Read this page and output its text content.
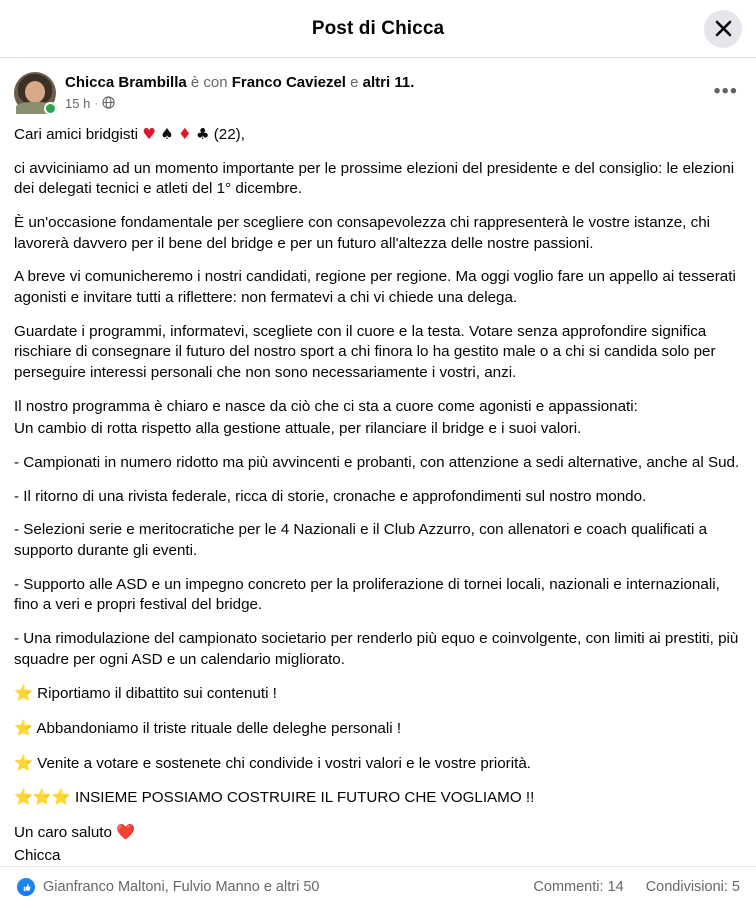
Post di Chicca
Chicca Brambilla è con Franco Caviezel e altri 11.
15 h ·
•••

Cari amici bridgisti ♥ ♠ ♦ ♣ (22),

ci avviciniamo ad un momento importante per le prossime elezioni del presidente e del consiglio: le elezioni dei delegati tecnici e atleti del 1° dicembre.

È un'occasione fondamentale per scegliere con consapevolezza chi rappresenterà le vostre istanze, chi lavorerà davvero per il bene del bridge e per un futuro all'altezza delle nostre passioni.

A breve vi comunicheremo i nostri candidati, regione per regione. Ma oggi voglio fare un appello ai tesserati agonisti e invitare tutti a riflettere: non fermatevi a chi vi chiede una delega.

Guardate i programmi, informatevi, scegliete con il cuore e la testa. Votare senza approfondire significa rischiare di consegnare il futuro del nostro sport a chi finora lo ha gestito male o a chi si candida solo per perseguire interessi personali che non sono necessariamente i vostri, anzi.

Il nostro programma è chiaro e nasce da ciò che ci sta a cuore come agonisti e appassionati:

Un cambio di rotta rispetto alla gestione attuale, per rilanciare il bridge e i suoi valori.

- Campionati in numero ridotto ma più avvincenti e probanti, con attenzione a sedi alternative, anche al Sud.

- Il ritorno di una rivista federale, ricca di storie, cronache e approfondimenti sul nostro mondo.

- Selezioni serie e meritocratiche per le 4 Nazionali e il Club Azzurro, con allenatori e coach qualificati a supporto durante gli eventi.

- Supporto alle ASD e un impegno concreto per la proliferazione di tornei locali, nazionali e internazionali, fino a veri e propri festival del bridge.

- Una rimodulazione del campionato societario per renderlo più equo e coinvolgente, con limiti ai prestiti, più squadre per ogni ASD e un calendario migliorato.

⭐ Riportiamo il dibattito sui contenuti !

⭐ Abbandoniamo il triste rituale delle deleghe personali !

⭐ Venite a votare e sostenete chi condivide i vostri valori e le vostre priorità.

⭐⭐⭐ INSIEME POSSIAMO COSTRUIRE IL FUTURO CHE VOGLIAMO !!

Un caro saluto ❤️

Chicca

Gianfranco Maltoni, Fulvio Manno e altri 50	Commenti: 14 Condivisioni: 5
